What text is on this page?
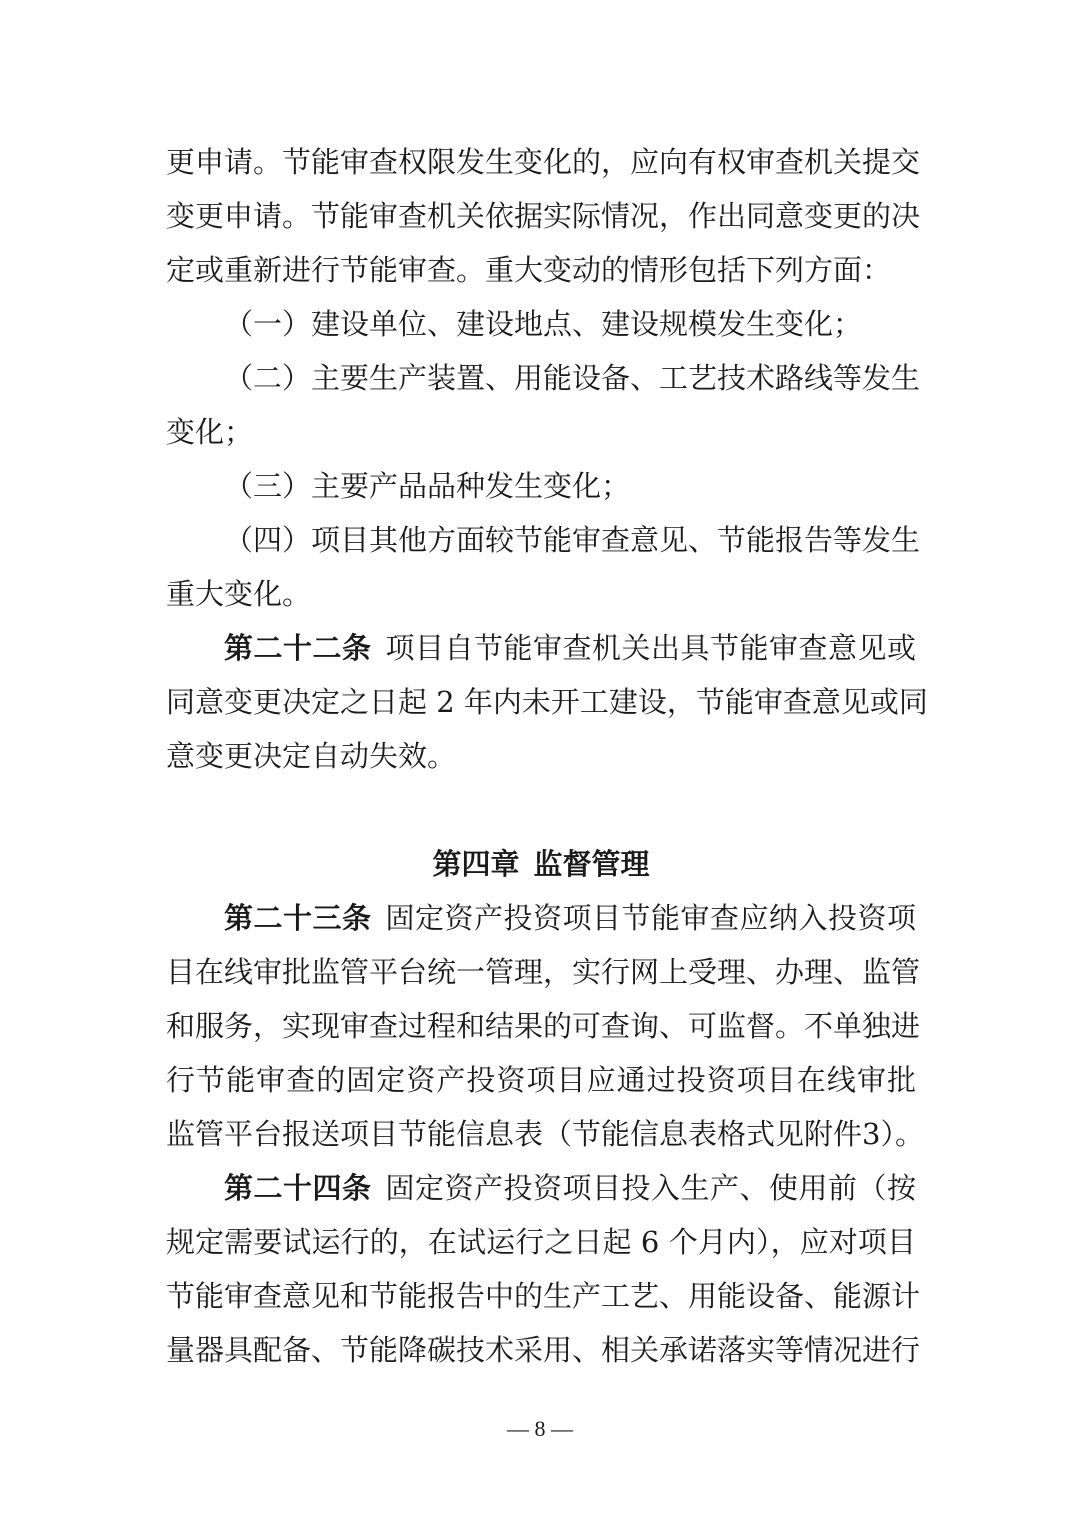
更申请。节能审查权限发生变化的，应向有权审查机关提交
变更申请。节能审查机关依据实际情况，作出同意变更的决
定或重新进行节能审查。重大变动的情形包括下列方面：
（一）建设单位、建设地点、建设规模发生变化；
（二）主要生产装置、用能设备、工艺技术路线等发生
变化；
（三）主要产品品种发生变化；
（四）项目其他方面较节能审查意见、节能报告等发生
重大变化。
第二十二条 项目自节能审查机关出具节能审查意见或
同意变更决定之日起 2 年内未开工建设，节能审查意见或同
意变更决定自动失效。
第四章 监督管理
第二十三条 固定资产投资项目节能审查应纳入投资项
目在线审批监管平台统一管理，实行网上受理、办理、监管
和服务，实现审查过程和结果的可查询、可监督。不单独进
行节能审查的固定资产投资项目应通过投资项目在线审批
监管平台报送项目节能信息表（节能信息表格式见附件3）。
第二十四条 固定资产投资项目投入生产、使用前（按
规定需要试运行的，在试运行之日起 6 个月内），应对项目
节能审查意见和节能报告中的生产工艺、用能设备、能源计
量器具配备、节能降碳技术采用、相关承诺落实等情况进行
— 8 —
